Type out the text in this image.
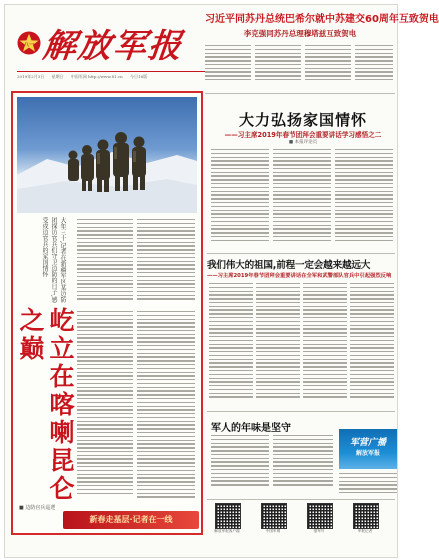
八一 解放军报
2019年2月3日 星期日 中国军网 http://www.81.cn 今日16版
习近平同苏丹总统巴希尔就中苏建交60周年互致贺电
李克强同苏丹总理穆塔兹互致贺电
大年三十,记者在新疆军区某边防团探访官兵们守卫边防的日子,感受戍边官兵的家国情怀
屹立在喀喇昆仑之巅
■ 边防官兵巡逻
新春走基层·记者在一线
大力弘扬家国情怀
——习主席2019年春节团拜会重要讲话学习感悟之二
■ 本报评论员
我们伟大的祖国,前程一定会越来越远大
——习主席2019年春节团拜会重要讲话在全军和武警部队官兵中引起强烈反响
军人的年味是坚守
军营广播
解放军报
解放军报客户端	中国军网	强军号	军报记者
